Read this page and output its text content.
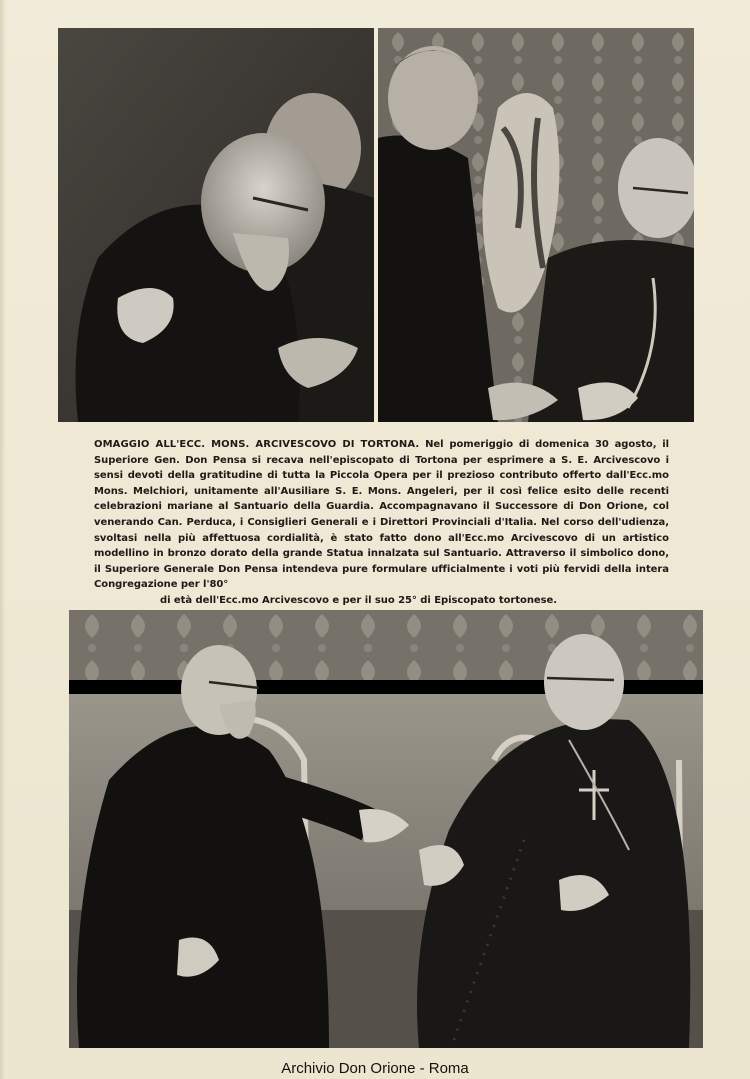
OMAGGIO ALL'ECC. MONS. ARCIVESCOVO DI TORTONA. Nel pomeriggio di domenica 30 agosto, il Superiore Gen. Don Pensa si recava nell'episcopato di Tortona per esprimere a S. E. Arcivescovo i sensi devoti della gratitudine di tutta la Piccola Opera per il prezioso contributo offerto dall'Ecc.mo Mons. Melchiori, unitamente all'Ausiliare S. E. Mons. Angeleri, per il così felice esito delle recenti celebrazioni mariane al Santuario della Guardia. Accompagnavano il Successore di Don Orione, col venerando Can. Perduca, i Consiglieri Generali e i Direttori Provinciali d'Italia. Nel corso dell'udienza, svoltasi nella più affettuosa cordialità, è stato fatto dono all'Ecc.mo Arcivescovo di un artistico modellino in bronzo dorato della grande Statua innalzata sul Santuario. Attraverso il simbolico dono, il Superiore Generale Don Pensa intendeva pure formulare ufficialmente i voti più fervidi della intera Congregazione per l'80°
di età dell'Ecc.mo Arcivescovo e per il suo 25° di Episcopato tortonese.
Archivio Don Orione - Roma
